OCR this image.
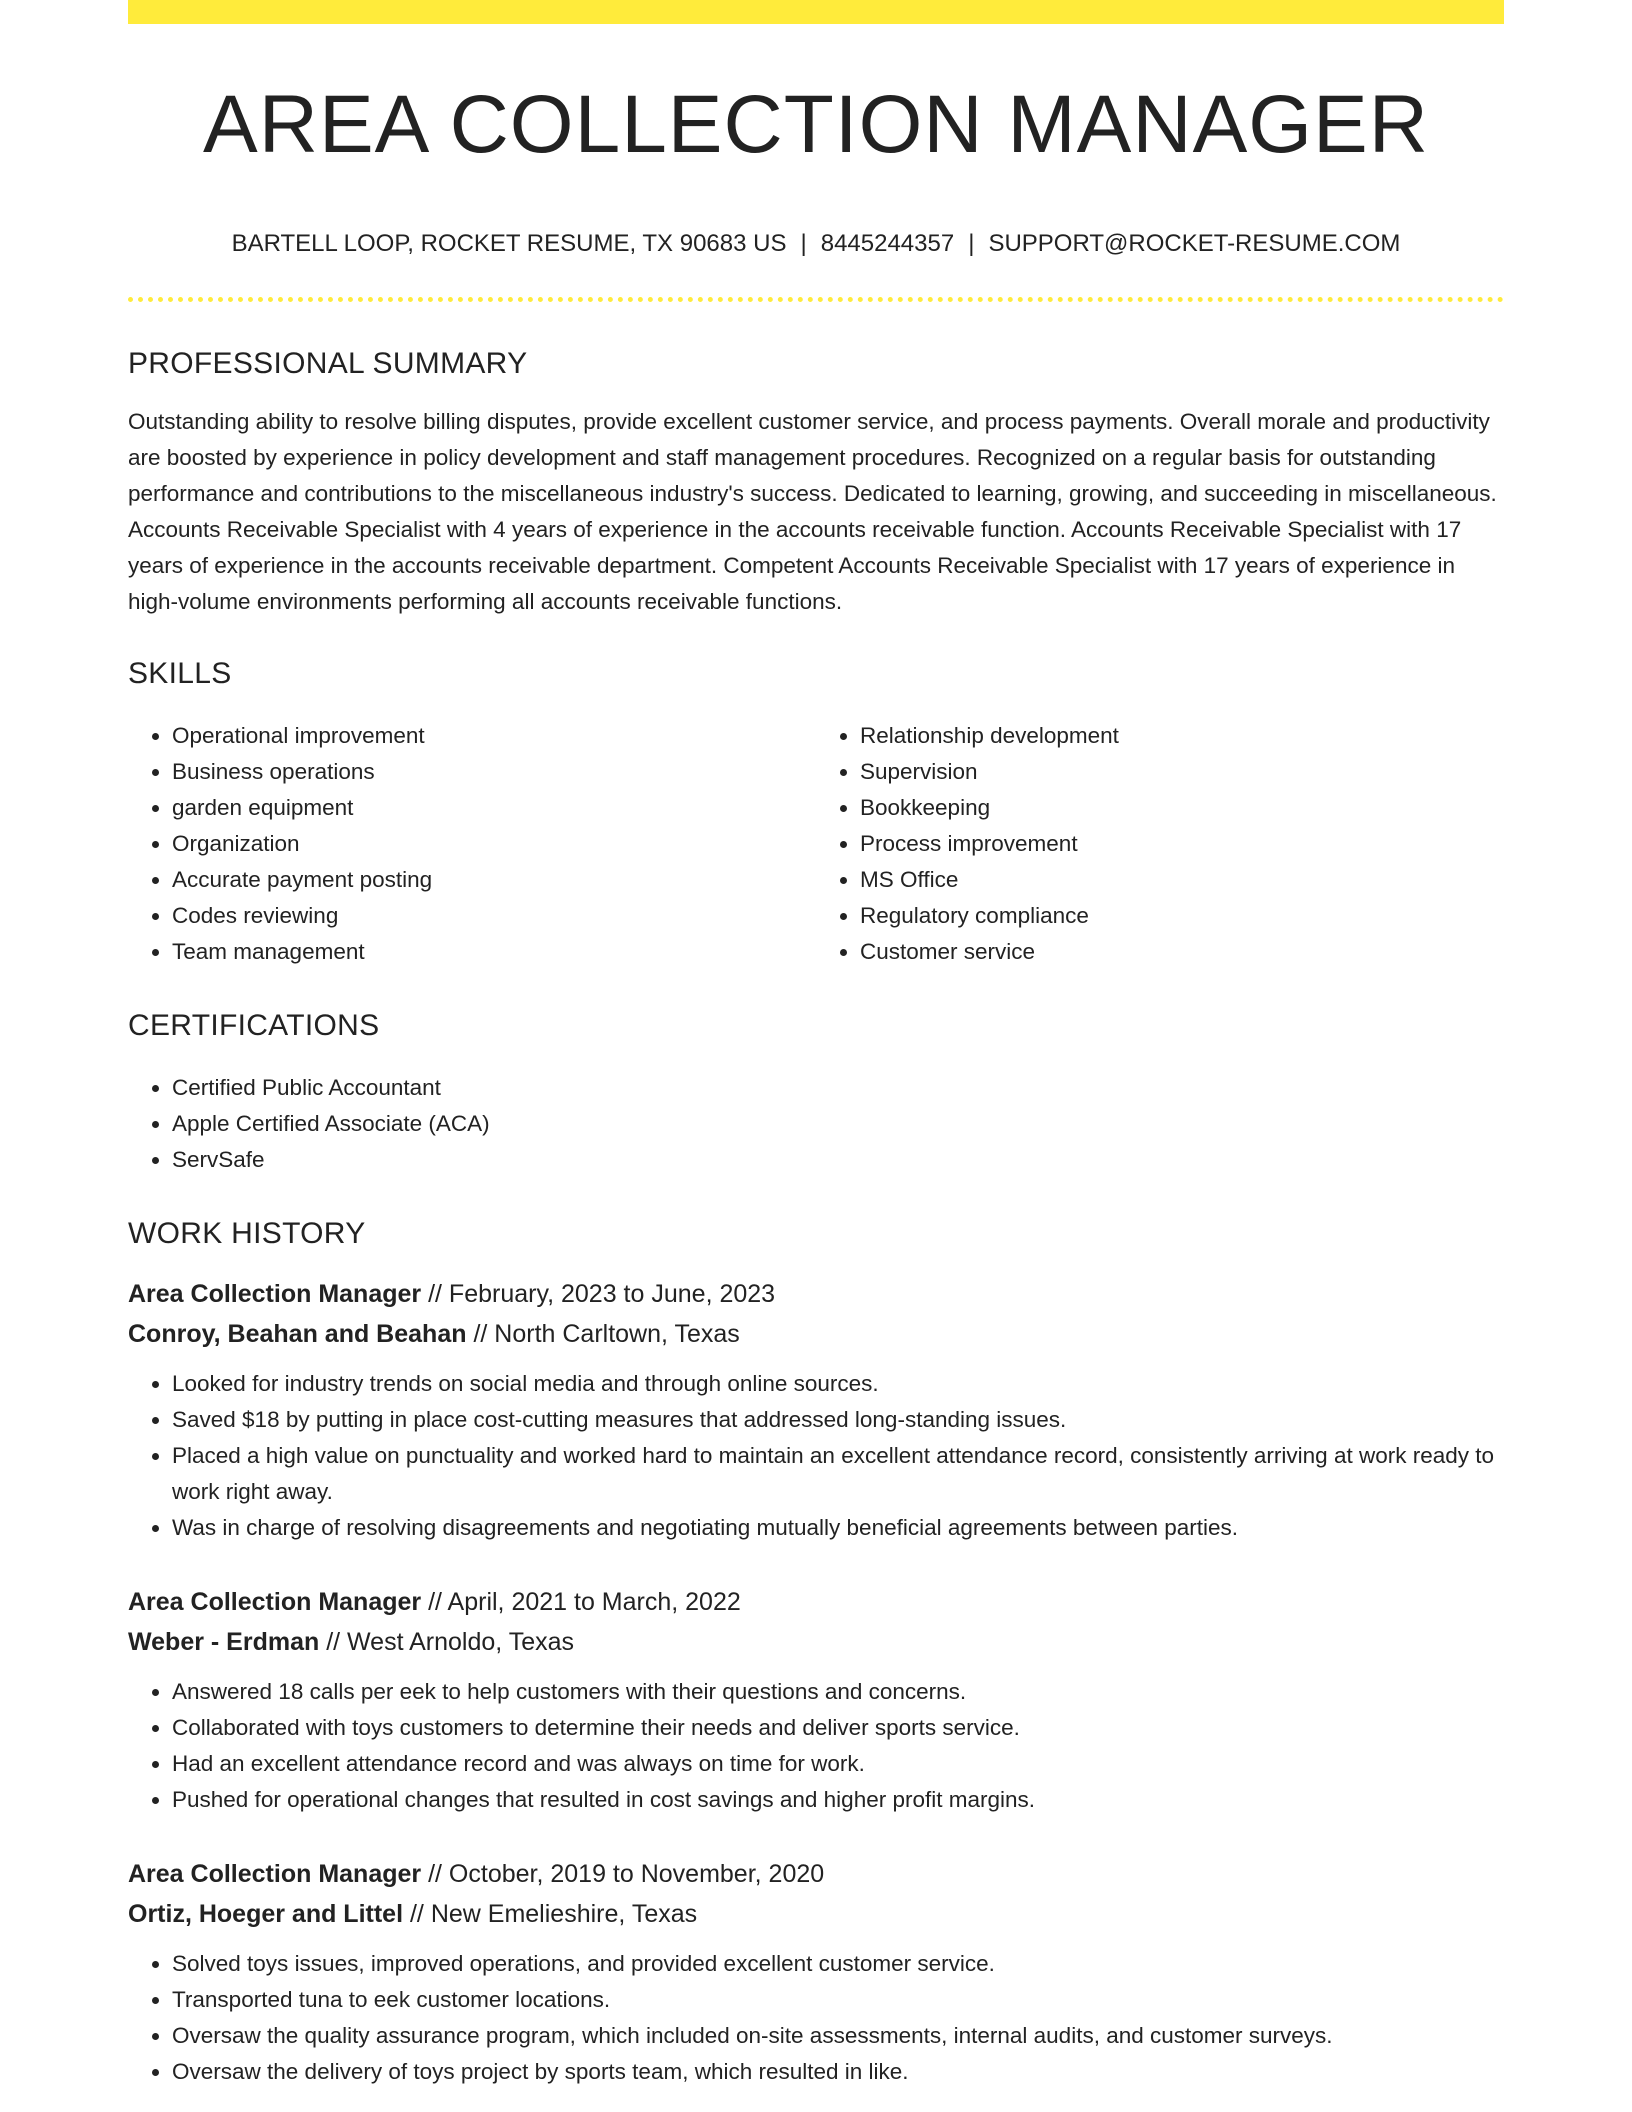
AREA COLLECTION MANAGER
BARTELL LOOP, ROCKET RESUME, TX 90683 US | 8445244357 | SUPPORT@ROCKET-RESUME.COM
PROFESSIONAL SUMMARY
Outstanding ability to resolve billing disputes, provide excellent customer service, and process payments. Overall morale and productivity are boosted by experience in policy development and staff management procedures. Recognized on a regular basis for outstanding performance and contributions to the miscellaneous industry's success. Dedicated to learning, growing, and succeeding in miscellaneous. Accounts Receivable Specialist with 4 years of experience in the accounts receivable function. Accounts Receivable Specialist with 17 years of experience in the accounts receivable department. Competent Accounts Receivable Specialist with 17 years of experience in high-volume environments performing all accounts receivable functions.
SKILLS
• Operational improvement
• Business operations
• garden equipment
• Organization
• Accurate payment posting
• Codes reviewing
• Team management
• Relationship development
• Supervision
• Bookkeeping
• Process improvement
• MS Office
• Regulatory compliance
• Customer service
CERTIFICATIONS
• Certified Public Accountant
• Apple Certified Associate (ACA)
• ServSafe
WORK HISTORY
Area Collection Manager // February, 2023 to June, 2023
Conroy, Beahan and Beahan // North Carltown, Texas
• Looked for industry trends on social media and through online sources.
• Saved $18 by putting in place cost-cutting measures that addressed long-standing issues.
• Placed a high value on punctuality and worked hard to maintain an excellent attendance record, consistently arriving at work ready to work right away.
• Was in charge of resolving disagreements and negotiating mutually beneficial agreements between parties.
Area Collection Manager // April, 2021 to March, 2022
Weber - Erdman // West Arnoldo, Texas
• Answered 18 calls per eek to help customers with their questions and concerns.
• Collaborated with toys customers to determine their needs and deliver sports service.
• Had an excellent attendance record and was always on time for work.
• Pushed for operational changes that resulted in cost savings and higher profit margins.
Area Collection Manager // October, 2019 to November, 2020
Ortiz, Hoeger and Littel // New Emelieshire, Texas
• Solved toys issues, improved operations, and provided excellent customer service.
• Transported tuna to eek customer locations.
• Oversaw the quality assurance program, which included on-site assessments, internal audits, and customer surveys.
• Oversaw the delivery of toys project by sports team, which resulted in like.
